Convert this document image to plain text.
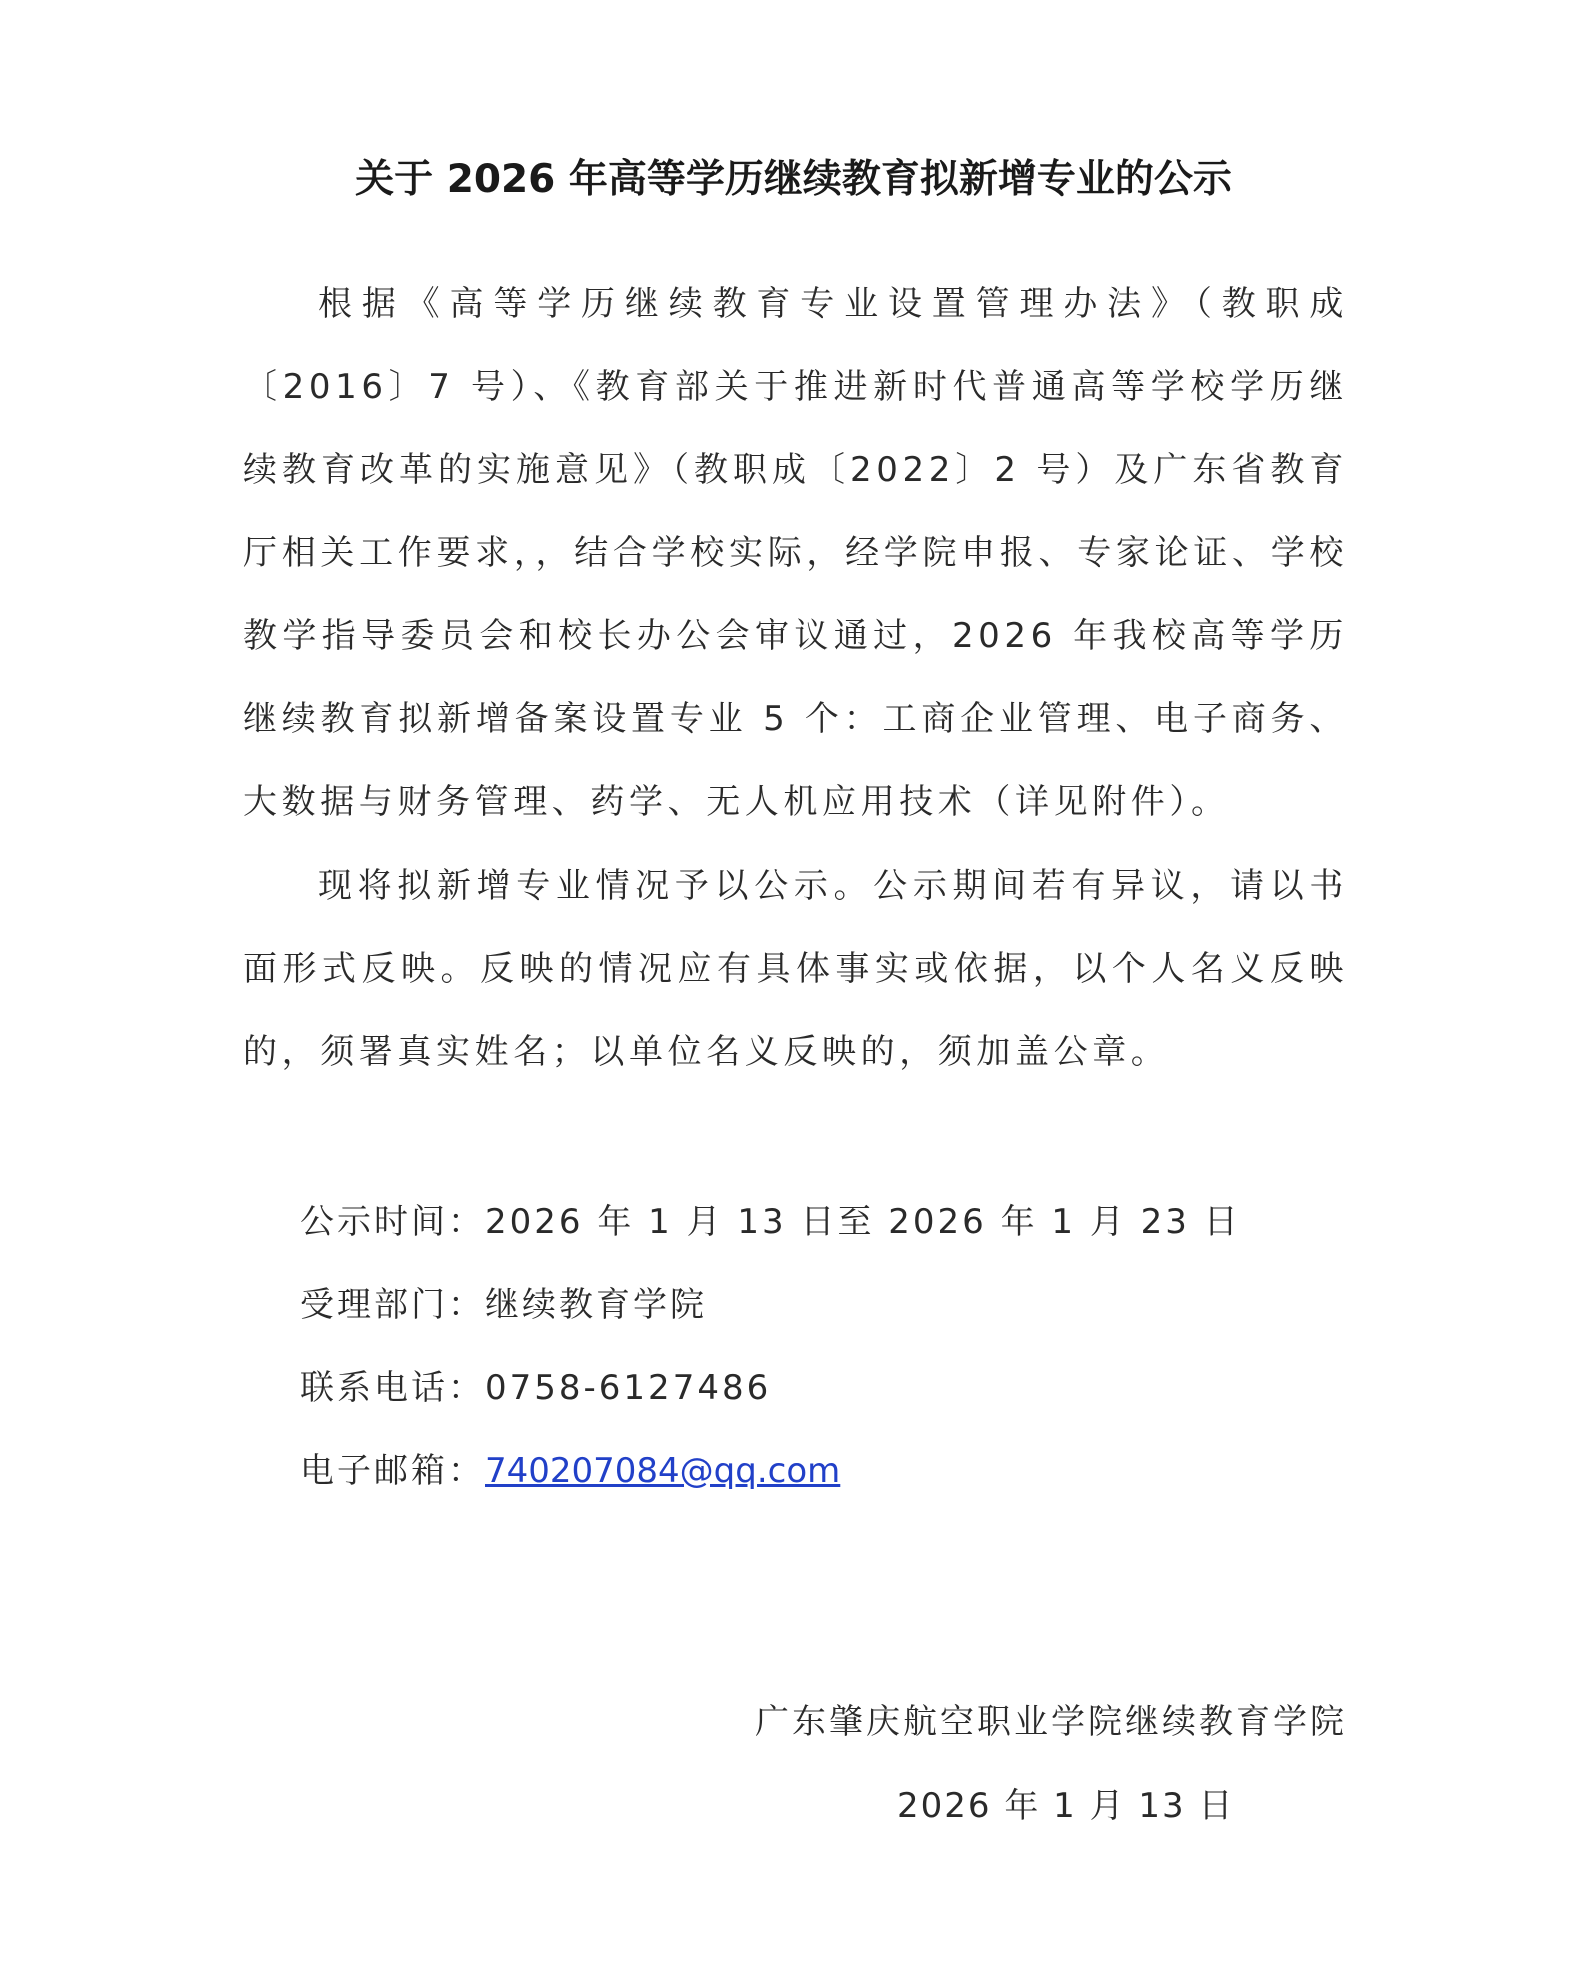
关于 2026 年高等学历继续教育拟新增专业的公示

根据《高等学历继续教育专业设置管理办法》（教职成〔2016〕7 号）、《教育部关于推进新时代普通高等学校学历继续教育改革的实施意见》（教职成〔2022〕2 号）及广东省教育厅相关工作要求，，结合学校实际，经学院申报、专家论证、学校教学指导委员会和校长办公会审议通过，2026 年我校高等学历继续教育拟新增备案设置专业 5 个：工商企业管理、电子商务、大数据与财务管理、药学、无人机应用技术（详见附件）。

现将拟新增专业情况予以公示。公示期间若有异议，请以书面形式反映。反映的情况应有具体事实或依据，以个人名义反映的，须署真实姓名；以单位名义反映的，须加盖公章。

公示时间：2026 年 1 月 13 日至 2026 年 1 月 23 日
受理部门：继续教育学院
联系电话：0758-6127486
电子邮箱：740207084@qq.com
广东肇庆航空职业学院继续教育学院
2026 年 1 月 13 日
